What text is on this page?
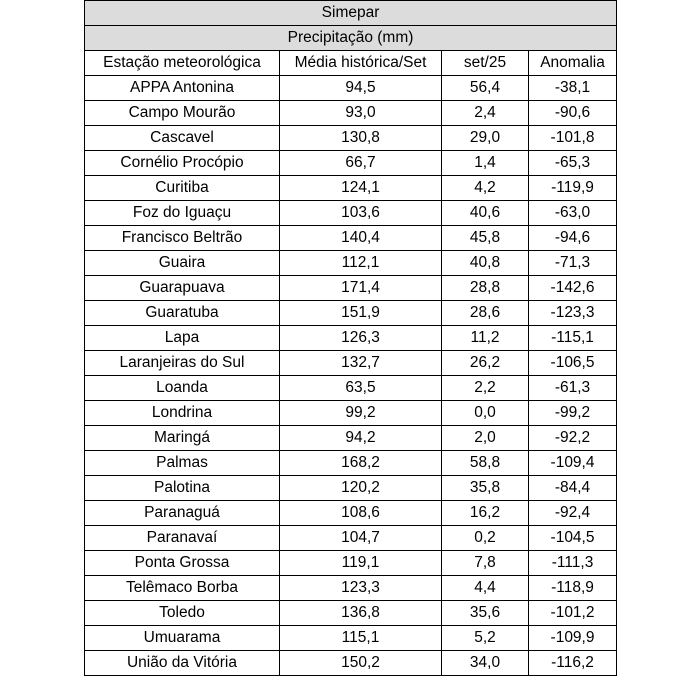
Simepar			
Precipitação (mm)			
Estação meteorológica	Média histórica/Set	set/25	Anomalia
APPA Antonina	94,5	56,4	-38,1
Campo Mourão	93,0	2,4	-90,6
Cascavel	130,8	29,0	-101,8
Cornélio Procópio	66,7	1,4	-65,3
Curitiba	124,1	4,2	-119,9
Foz do Iguaçu	103,6	40,6	-63,0
Francisco Beltrão	140,4	45,8	-94,6
Guaira	112,1	40,8	-71,3
Guarapuava	171,4	28,8	-142,6
Guaratuba	151,9	28,6	-123,3
Lapa	126,3	11,2	-115,1
Laranjeiras do Sul	132,7	26,2	-106,5
Loanda	63,5	2,2	-61,3
Londrina	99,2	0,0	-99,2
Maringá	94,2	2,0	-92,2
Palmas	168,2	58,8	-109,4
Palotina	120,2	35,8	-84,4
Paranaguá	108,6	16,2	-92,4
Paranavaí	104,7	0,2	-104,5
Ponta Grossa	119,1	7,8	-111,3
Telêmaco Borba	123,3	4,4	-118,9
Toledo	136,8	35,6	-101,2
Umuarama	115,1	5,2	-109,9
União da Vitória	150,2	34,0	-116,2
